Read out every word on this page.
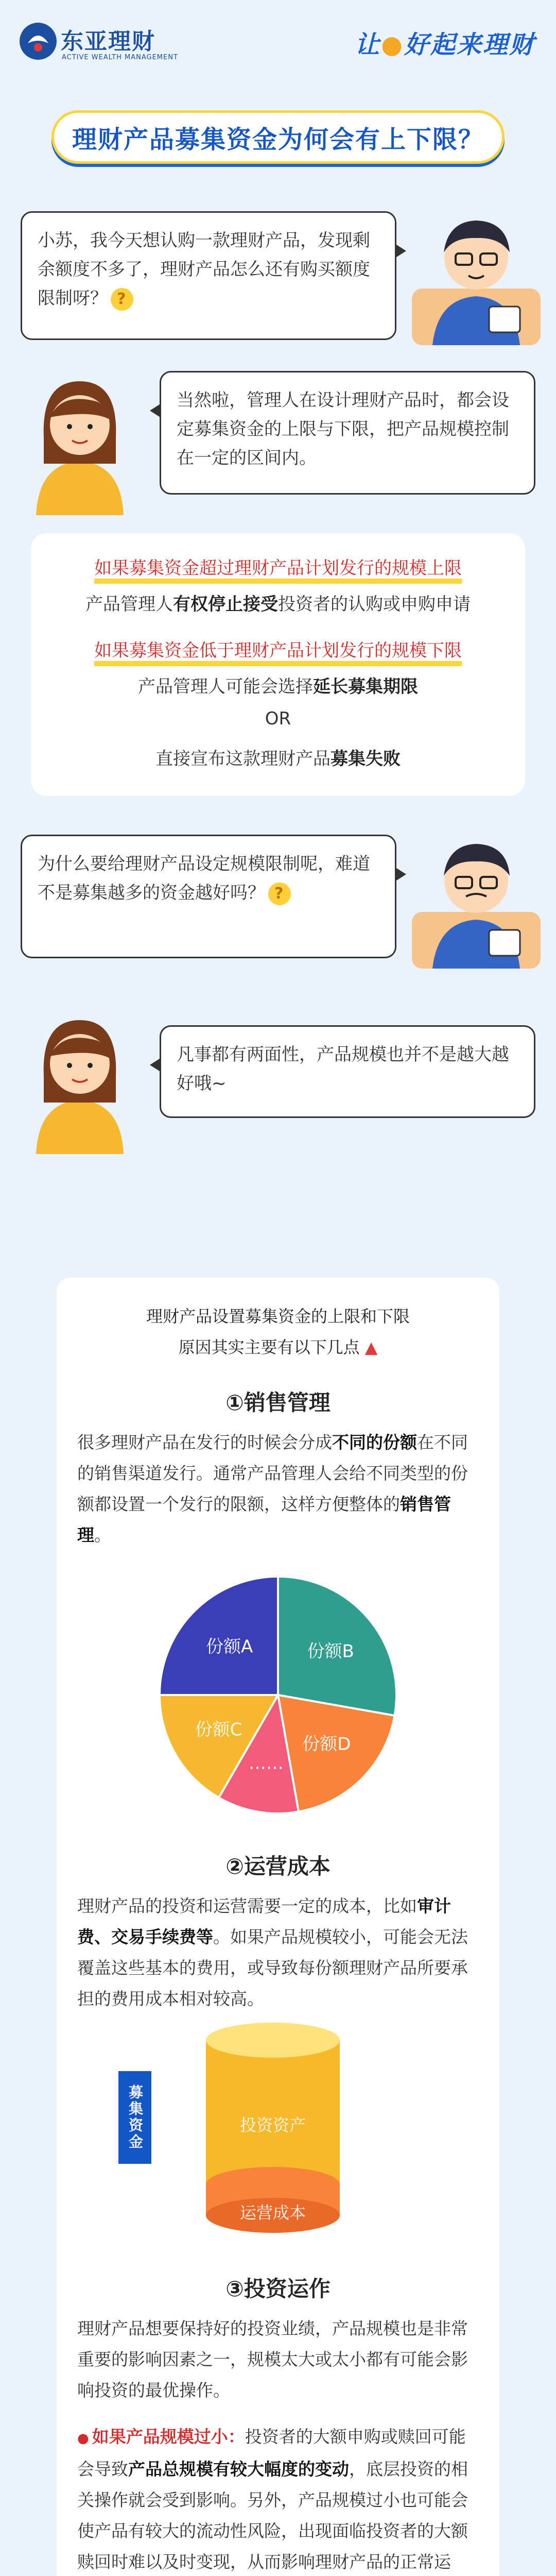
东亚理财
ACTIVE WEALTH MANAGEMENT	让●好起来理财
理财产品募集资金为何会有上下限？
小苏，我今天想认购一款理财产品，发现剩余额度不多了，理财产品怎么还有购买额度限制呀？?
当然啦，管理人在设计理财产品时，都会设定募集资金的上限与下限，把产品规模控制在一定的区间内。
如果募集资金超过理财产品计划发行的规模上限
产品管理人有权停止接受投资者的认购或申购申请
如果募集资金低于理财产品计划发行的规模下限
产品管理人可能会选择延长募集期限
OR
直接宣布这款理财产品募集失败
为什么要给理财产品设定规模限制呢，难道不是募集越多的资金越好吗？?
凡事都有两面性，产品规模也并不是越大越好哦~
理财产品设置募集资金的上限和下限
原因其实主要有以下几点 ▲
①销售管理
很多理财产品在发行的时候会分成不同的份额在不同的销售渠道发行。通常产品管理人会给不同类型的份额都设置一个发行的限额，这样方便整体的销售管理。
份额A	份额B
份额D
……
份额C
②运营成本
理财产品的投资和运营需要一定的成本，比如审计费、交易手续费等。如果产品规模较小，可能会无法覆盖这些基本的费用，或导致每份额理财产品所要承担的费用成本相对较高。
募集资金	投资资产
运营成本
③投资运作
理财产品想要保持好的投资业绩，产品规模也是非常重要的影响因素之一，规模太大或太小都有可能会影响投资的最优操作。
● 如果产品规模过小：投资者的大额申购或赎回可能会导致产品总规模有较大幅度的变动，底层投资的相关操作就会受到影响。另外，产品规模过小也可能会使产品有较大的流动性风险，出现面临投资者的大额赎回时难以及时变现，从而影响理财产品的正常运
